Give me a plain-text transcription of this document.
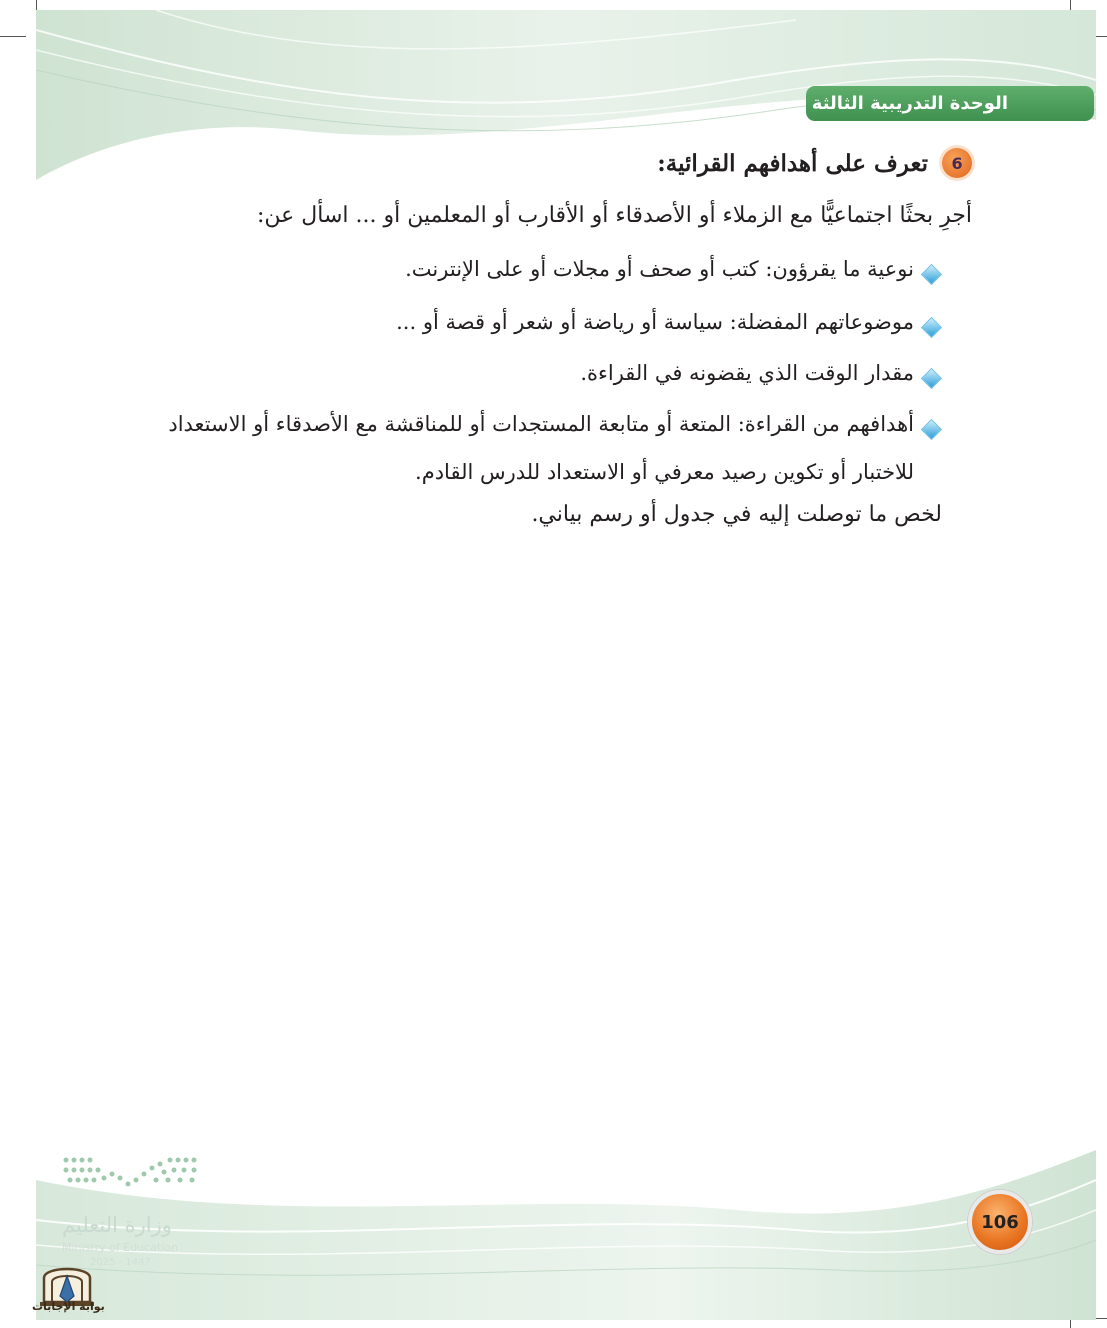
الوحدة التدريبية الثالثة
6
تعرف على أهدافهم القرائية:
أجرِ بحثًا اجتماعيًّا مع الزملاء أو الأصدقاء أو الأقارب أو المعلمين أو ... اسأل عن:
نوعية ما يقرؤون: كتب أو صحف أو مجلات أو على الإنترنت.
موضوعاتهم المفضلة: سياسة أو رياضة أو شعر أو قصة أو ...
مقدار الوقت الذي يقضونه في القراءة.
أهدافهم من القراءة: المتعة أو متابعة المستجدات أو للمناقشة مع الأصدقاء أو الاستعداد
للاختبار أو تكوين رصيد معرفي أو الاستعداد للدرس القادم.
لخص ما توصلت إليه في جدول أو رسم بياني.
وزارة التعليم
Ministry of Education
2025 - 1447
106
بوابة الإجابات
